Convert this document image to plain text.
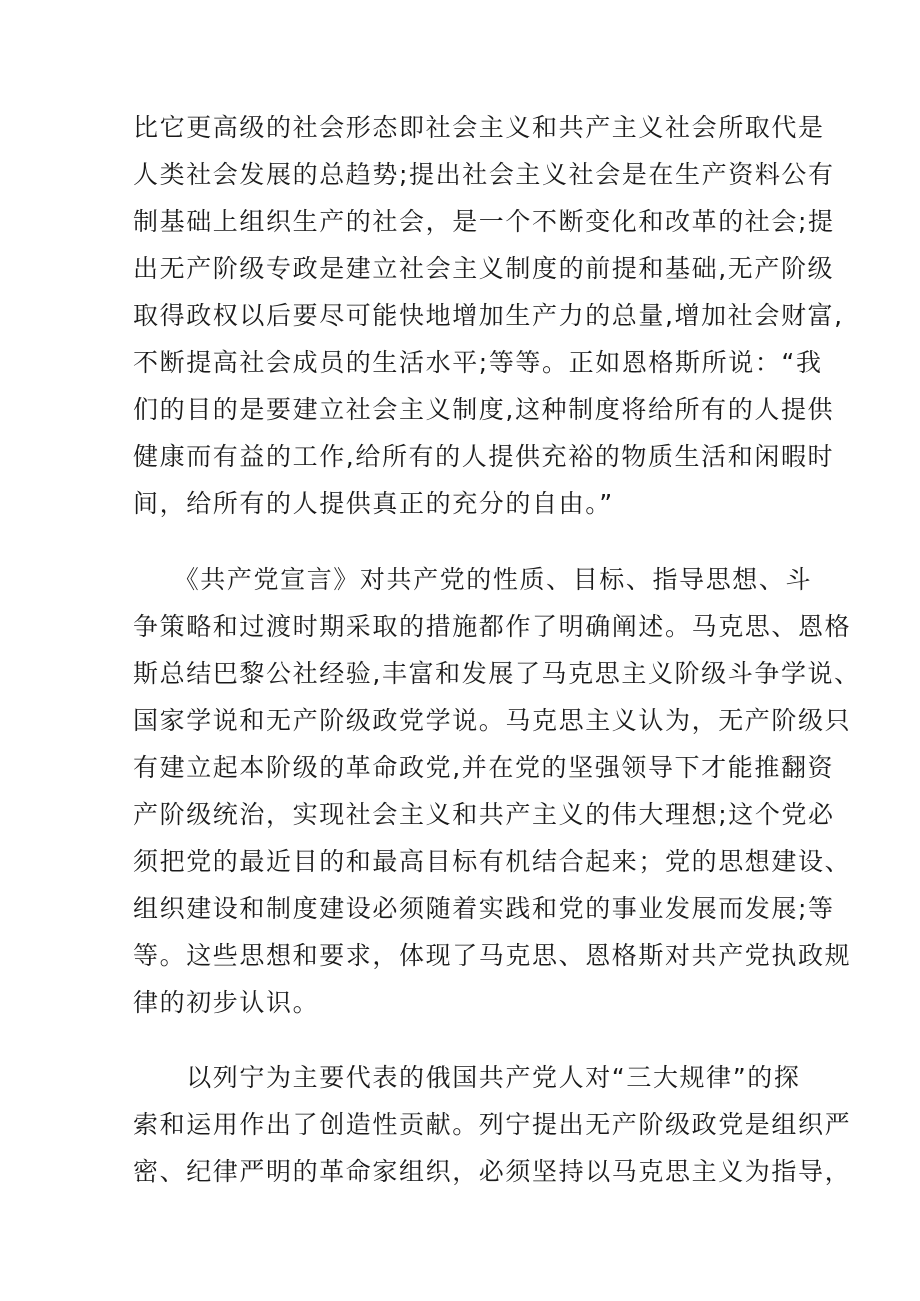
比它更高级的社会形态即社会主义和共产主义社会所取代是
人类社会发展的总趋势;提出社会主义社会是在生产资料公有
制基础上组织生产的社会，是一个不断变化和改革的社会;提
出无产阶级专政是建立社会主义制度的前提和基础,无产阶级
取得政权以后要尽可能快地增加生产力的总量,增加社会财富,
不断提高社会成员的生活水平;等等。正如恩格斯所说：“我
们的目的是要建立社会主义制度,这种制度将给所有的人提供
健康而有益的工作,给所有的人提供充裕的物质生活和闲暇时
间，给所有的人提供真正的充分的自由。”
　　《共产党宣言》对共产党的性质、目标、指导思想、斗
争策略和过渡时期采取的措施都作了明确阐述。马克思、恩格
斯总结巴黎公社经验,丰富和发展了马克思主义阶级斗争学说、
国家学说和无产阶级政党学说。马克思主义认为，无产阶级只
有建立起本阶级的革命政党,并在党的坚强领导下才能推翻资
产阶级统治，实现社会主义和共产主义的伟大理想;这个党必
须把党的最近目的和最高目标有机结合起来；党的思想建设、
组织建设和制度建设必须随着实践和党的事业发展而发展;等
等。这些思想和要求，体现了马克思、恩格斯对共产党执政规
律的初步认识。
　　以列宁为主要代表的俄国共产党人对“三大规律”的探
索和运用作出了创造性贡献。列宁提出无产阶级政党是组织严
密、纪律严明的革命家组织，必须坚持以马克思主义为指导，
